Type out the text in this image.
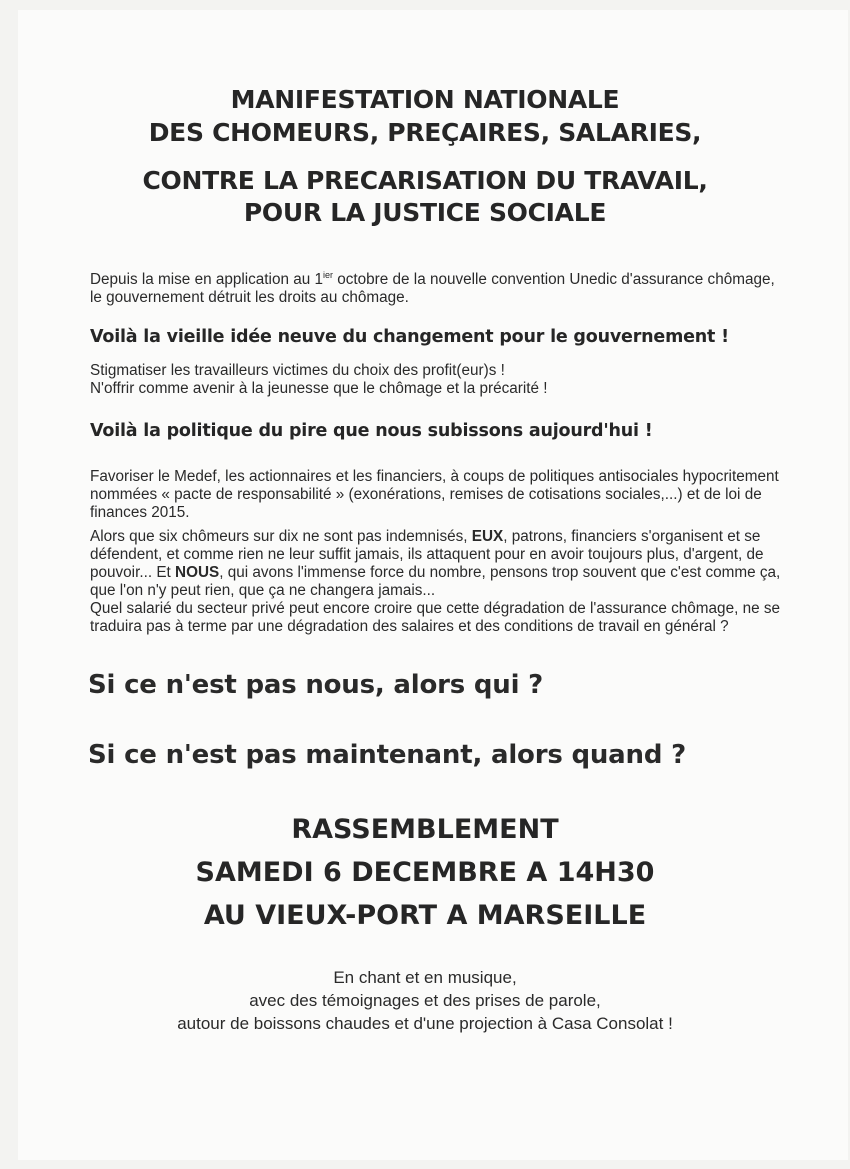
MANIFESTATION NATIONALE
DES CHOMEURS, PREÇAIRES, SALARIES,
CONTRE LA PRECARISATION DU TRAVAIL,
POUR LA JUSTICE SOCIALE
Depuis la mise en application au $1^{ier}$ octobre de la nouvelle convention Unedic d'assurance chômage,
le gouvernement détruit les droits au chômage.
Voilà la vieille idée neuve du changement pour le gouvernement !
Stigmatiser les travailleurs victimes du choix des profit(eur)s !
N'offrir comme avenir à la jeunesse que le chômage et la précarité !
Voilà la politique du pire que nous subissons aujourd'hui !
Favoriser le Medef, les actionnaires et les financiers, à coups de politiques antisociales hypocritement
nommées « pacte de responsabilité » (exonérations, remises de cotisations sociales,...) et de loi de
finances 2015.
Alors que six chômeurs sur dix ne sont pas indemnisés, EUX, patrons, financiers s'organisent et se
défendent, et comme rien ne leur suffit jamais, ils attaquent pour en avoir toujours plus, d'argent, de
pouvoir... Et NOUS, qui avons l'immense force du nombre, pensons trop souvent que c'est comme ça,
que l'on n'y peut rien, que ça ne changera jamais...
Quel salarié du secteur privé peut encore croire que cette dégradation de l'assurance chômage, ne se
traduira pas à terme par une dégradation des salaires et des conditions de travail en général ?
Si ce n'est pas nous, alors qui ?
Si ce n'est pas maintenant, alors quand ?
RASSEMBLEMENT
SAMEDI 6 DECEMBRE A 14H30
AU VIEUX-PORT A MARSEILLE
En chant et en musique,
avec des témoignages et des prises de parole,
autour de boissons chaudes et d'une projection à Casa Consolat !
